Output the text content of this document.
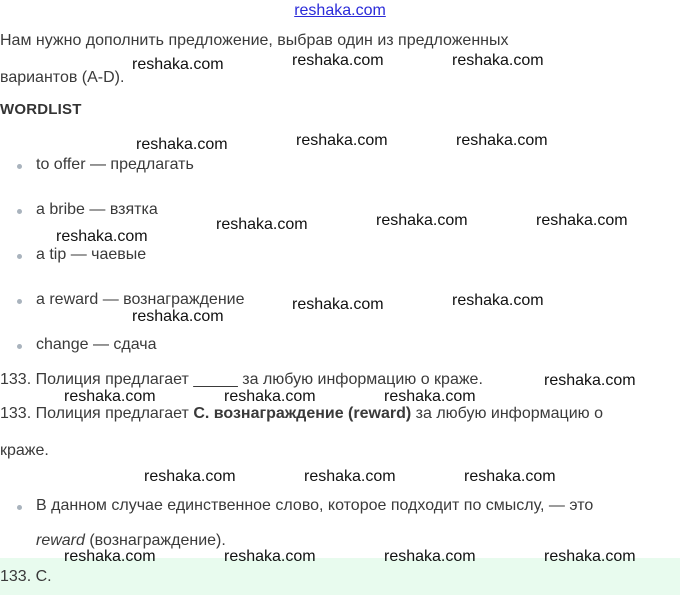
reshaka.com
Нам нужно дополнить предложение, выбрав один из предложенных
вариантов (A-D).
WORDLIST
to offer — предлагать
a bribe — взятка
a tip — чаевые
a reward — вознаграждение
change — сдача
133. Полиция предлагает _____ за любую информацию о краже.
133. Полиция предлагает С. вознаграждение (reward) за любую информацию о
краже.
В данном случае единственное слово, которое подходит по смыслу, — это
reward (вознаграждение).
133. С.
reshaka.com	reshaka.com	reshaka.com
reshaka.com	reshaka.com	reshaka.com
reshaka.com	reshaka.com	reshaka.com
reshaka.com
reshaka.com	reshaka.com
reshaka.com
reshaka.com
reshaka.com	reshaka.com	reshaka.com
reshaka.com	reshaka.com	reshaka.com
reshaka.com	reshaka.com	reshaka.com	reshaka.com
